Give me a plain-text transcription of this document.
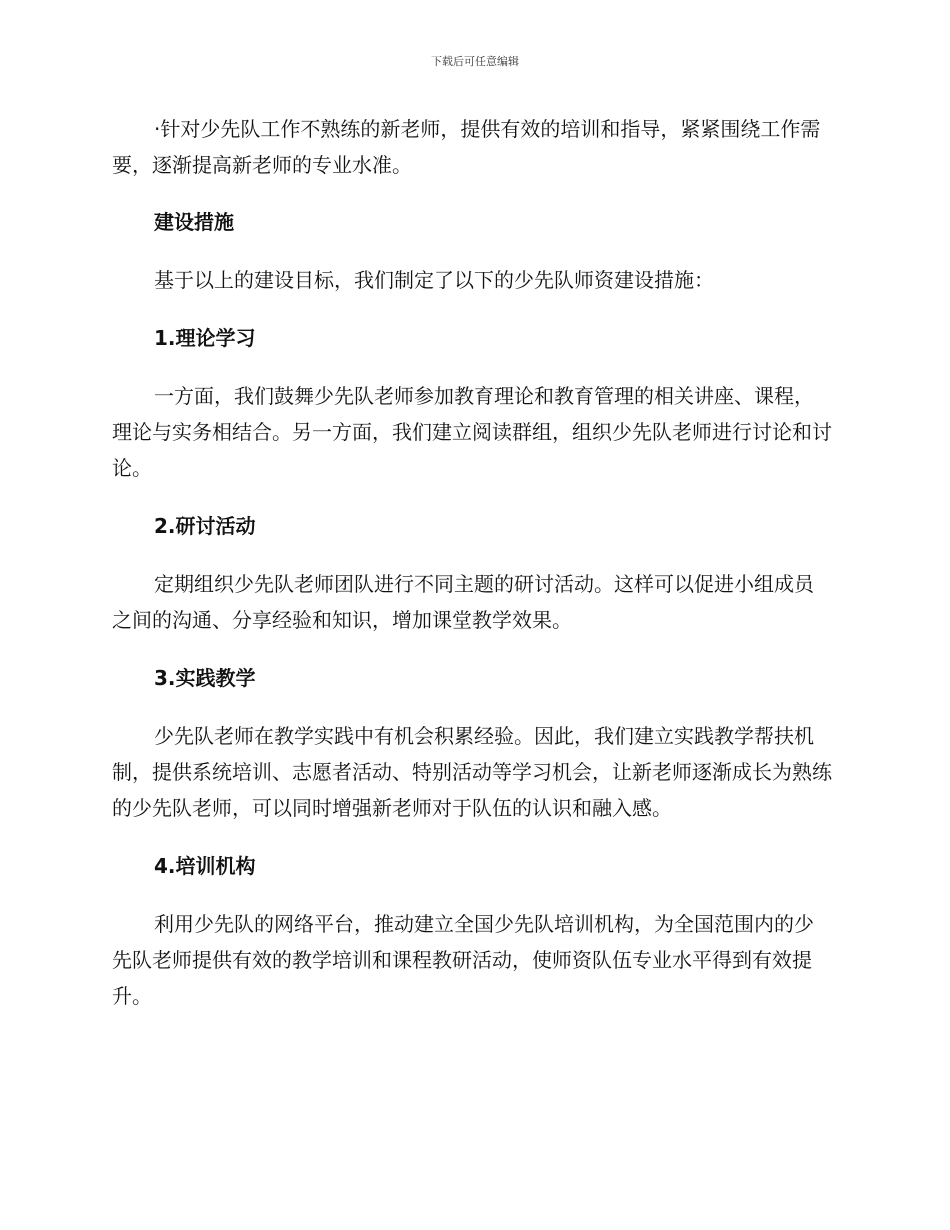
下载后可任意编辑

·针对少先队工作不熟练的新老师，提供有效的培训和指导，紧紧围绕工作需要，逐渐提高新老师的专业水准。

建设措施

基于以上的建设目标，我们制定了以下的少先队师资建设措施：

1.理论学习

一方面，我们鼓舞少先队老师参加教育理论和教育管理的相关讲座、课程，理论与实务相结合。另一方面，我们建立阅读群组，组织少先队老师进行讨论和讨论。

2.研讨活动

定期组织少先队老师团队进行不同主题的研讨活动。这样可以促进小组成员之间的沟通、分享经验和知识，增加课堂教学效果。

3.实践教学

少先队老师在教学实践中有机会积累经验。因此，我们建立实践教学帮扶机制，提供系统培训、志愿者活动、特别活动等学习机会，让新老师逐渐成长为熟练的少先队老师，可以同时增强新老师对于队伍的认识和融入感。

4.培训机构

利用少先队的网络平台，推动建立全国少先队培训机构，为全国范围内的少先队老师提供有效的教学培训和课程教研活动，使师资队伍专业水平得到有效提升。
